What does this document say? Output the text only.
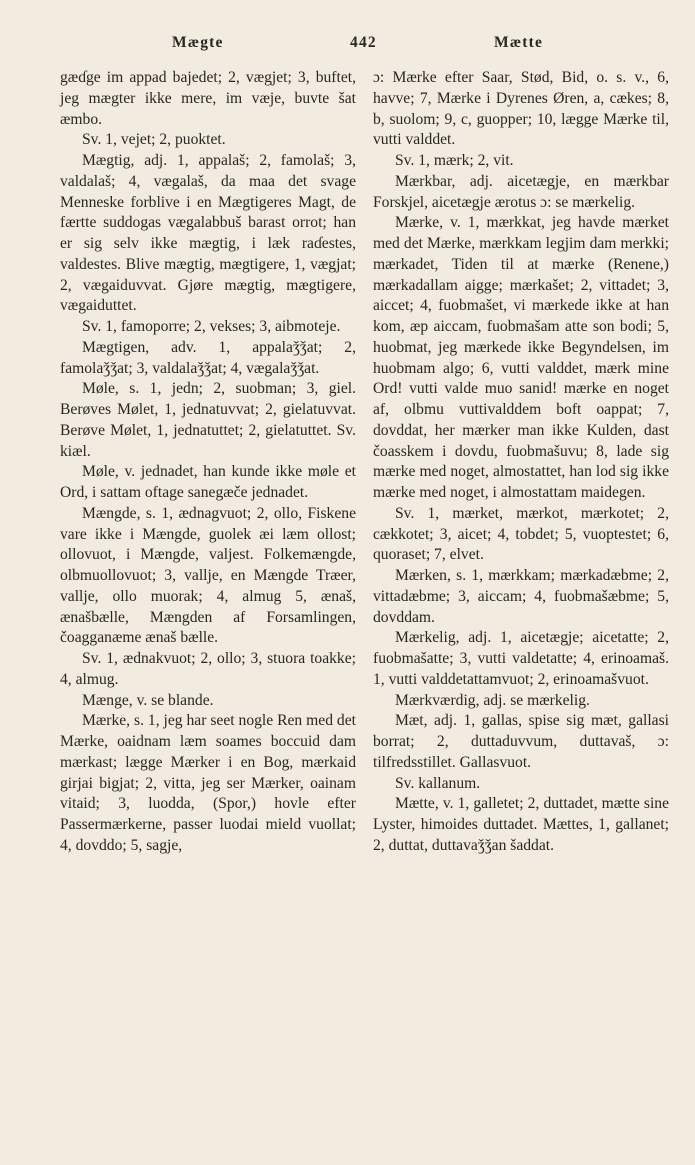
Mægte	442	Mætte

gæɗge im appad bajedet; 2, vægjet; 3, buftet, jeg mægter ikke mere, im væje, buvte šat æmbo.

Sv. 1, vejet; 2, puoktet.

Mægtig, adj. 1, appalaš; 2, famolaš; 3, valdalaš; 4, vægalaš, da maa det svage Menneske forblive i en Mægtigeres Magt, de færtte suddogas vægalabbuš barast orrot; han er sig selv ikke mægtig, i læk raɗestes, valdestes. Blive mægtig, mægtigere, 1, vægjat; 2, vægaiduvvat. Gjøre mægtig, mægtigere, vægaiduttet.

Sv. 1, famoporre; 2, vekses; 3, aibmoteje.

Mægtigen, adv. 1, appalaǯǯat; 2, famolaǯǯat; 3, valdalaǯǯat; 4, vægalaǯǯat.

Møle, s. 1, jedn; 2, suobman; 3, giel. Berøves Mølet, 1, jednatuvvat; 2, gielatuvvat. Berøve Mølet, 1, jednatuttet; 2, gielatuttet. Sv. kiæl.

Møle, v. jednadet, han kunde ikke møle et Ord, i sattam oftage sanegæče jednadet.

Mængde, s. 1, ædnagvuot; 2, ollo, Fiskene vare ikke i Mængde, guolek æi læm ollost; ollovuot, i Mængde, valjest. Folkemængde, olbmuollovuot; 3, vallje, en Mængde Træer, vallje, ollo muorak; 4, almug 5, ænaš, ænašbælle, Mængden af Forsamlingen, čoagganæme ænaš bælle.

Sv. 1, ædnakvuot; 2, ollo; 3, stuora toakke; 4, almug.

Mænge, v. se blande.

Mærke, s. 1, jeg har seet nogle Ren med det Mærke, oaidnam læm soames boccuid dam mærkast; lægge Mærker i en Bog, mærkaid girjai bigjat; 2, vitta, jeg ser Mærker, oainam vitaid; 3, luodda, (Spor,) hovle efter Passermærkerne, passer luodai mield vuollat; 4, dovddo; 5, sagje,

ɔ: Mærke efter Saar, Stød, Bid, o. s. v., 6, havve; 7, Mærke i Dyrenes Øren, a, cækes; 8, b, suolom; 9, c, guopper; 10, lægge Mærke til, vutti valddet.

Sv. 1, mærk; 2, vit.

Mærkbar, adj. aicetægje, en mærkbar Forskjel, aicetægje ærotus ɔ: se mærkelig.

Mærke, v. 1, mærkkat, jeg havde mærket med det Mærke, mærkkam legjim dam merkki; mærkadet, Tiden til at mærke (Renene,) mærkadallam aigge; mærkašet; 2, vittadet; 3, aiccet; 4, fuobmašet, vi mærkede ikke at han kom, æp aiccam, fuobmašam atte son bodi; 5, huobmat, jeg mærkede ikke Begyndelsen, im huobmam algo; 6, vutti valddet, mærk mine Ord! vutti valde muo sanid! mærke en noget af, olbmu vuttivalddem boft oappat; 7, dovddat, her mærker man ikke Kulden, dast čoasskem i dovdu, fuobmašuvu; 8, lade sig mærke med noget, almostattet, han lod sig ikke mærke med noget, i almostattam maidegen.

Sv. 1, mærket, mærkot, mærkotet; 2, cækkotet; 3, aicet; 4, tobdet; 5, vuoptestet; 6, quoraset; 7, elvet.

Mærken, s. 1, mærkkam; mærkadæbme; 2, vittadæbme; 3, aiccam; 4, fuobmašæbme; 5, dovddam.

Mærkelig, adj. 1, aicetægje; aicetatte; 2, fuobmašatte; 3, vutti valdetatte; 4, erinoamaš. 1, vutti valddetattamvuot; 2, erinoamašvuot.

Mærkværdig, adj. se mærkelig.

Mæt, adj. 1, gallas, spise sig mæt, gallasi borrat; 2, duttaduvvum, duttavaš, ɔ: tilfredsstillet. Gallasvuot.

Sv. kallanum.

Mætte, v. 1, galletet; 2, duttadet, mætte sine Lyster, himoides duttadet. Mættes, 1, gallanet; 2, duttat, duttavaǯǯan šaddat.
